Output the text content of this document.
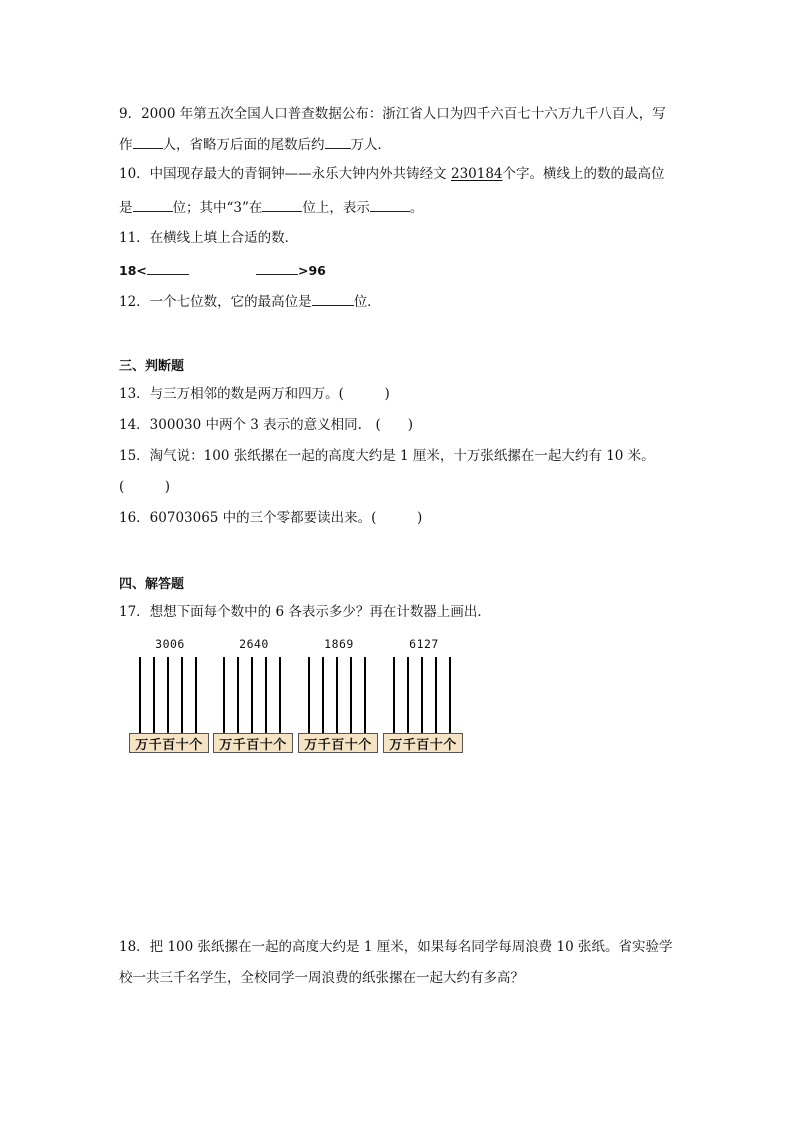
9．2000 年第五次全国人口普查数据公布：浙江省人口为四千六百七十六万九千八百人，写
作 人，省略万后面的尾数后约 万人．
10．中国现存最大的青铜钟——永乐大钟内外共铸经文 230184个字。横线上的数的最高位
是	位；其中“3”在	位上，表示	。
11．在横线上填上合适的数．
18<	>96
12．一个七位数，它的最高位是	位．
三、判断题
13．与三万相邻的数是两万和四万。(　　　)
14．300030 中两个 3 表示的意义相同.　(　　)
15．淘气说：100 张纸摞在一起的高度大约是 1 厘米，十万张纸摞在一起大约有 10 米。
(　　　)
16．60703065 中的三个零都要读出来。(　　　)
四、解答题
17．想想下面每个数中的 6 各表示多少？再在计数器上画出．
3006
万千百十个
2640
万千百十个
1869
万千百十个
6127
万千百十个
18．把 100 张纸摞在一起的高度大约是 1 厘米，如果每名同学每周浪费 10 张纸。省实验学
校一共三千名学生，全校同学一周浪费的纸张摞在一起大约有多高？
